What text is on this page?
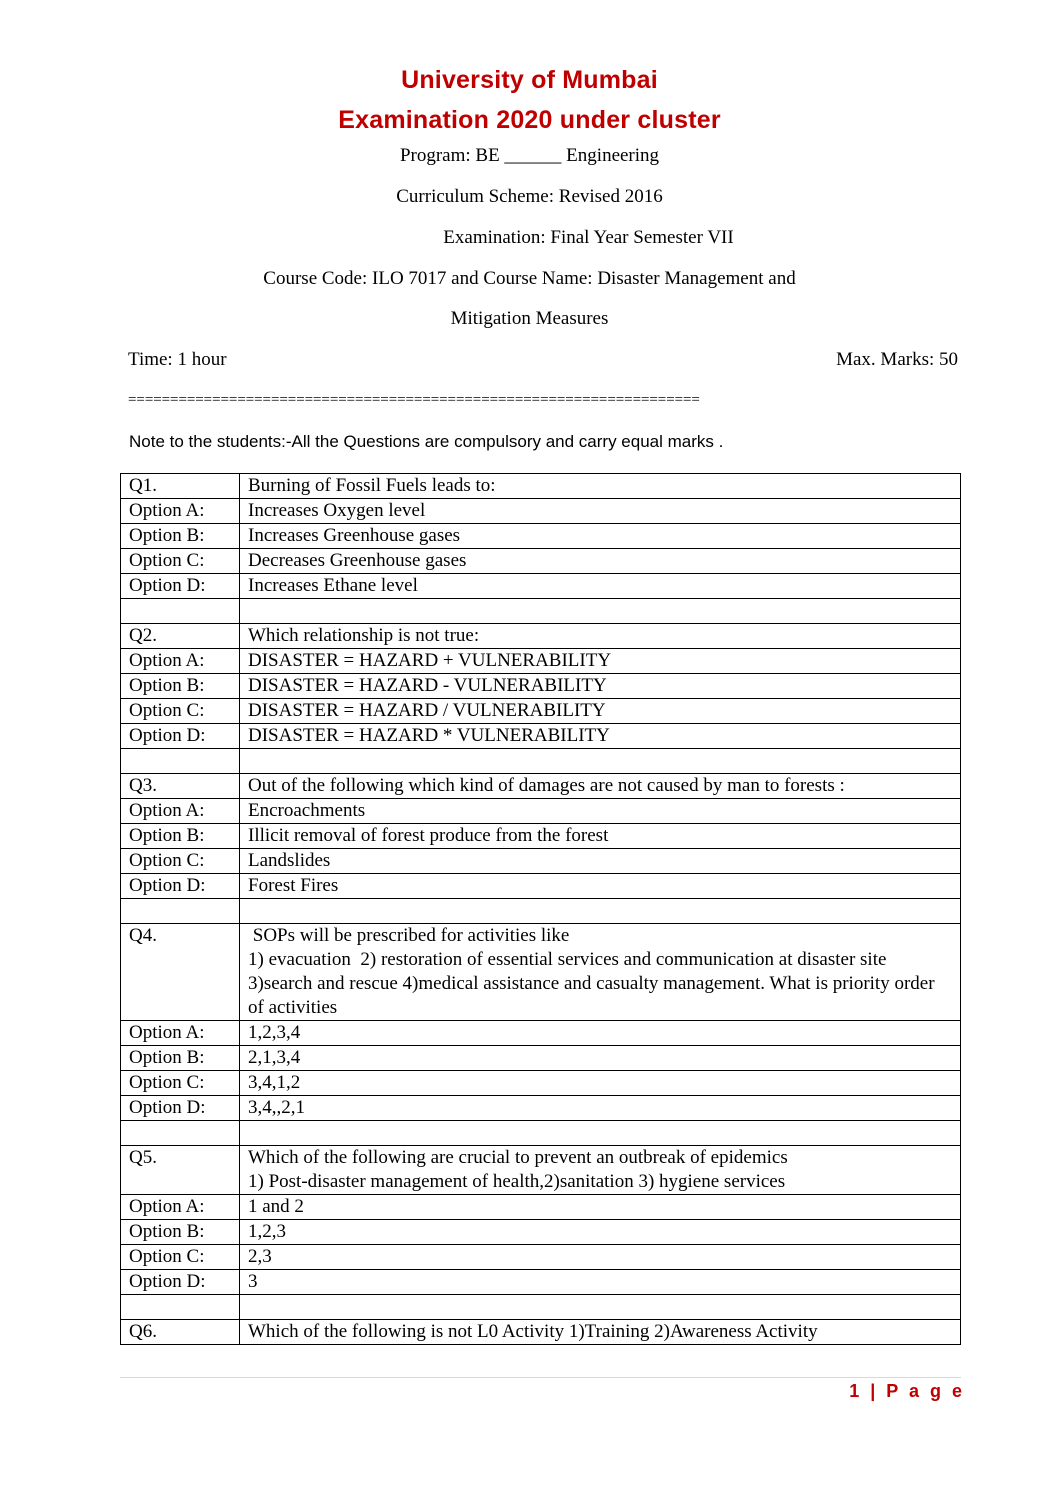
University of Mumbai
Examination 2020 under cluster
Program: BE ______ Engineering
Curriculum Scheme: Revised 2016
Examination: Final Year Semester VII
Course Code: ILO 7017 and Course Name: Disaster Management and
Mitigation Measures
Time: 1 hour	Max. Marks: 50
====================================================================
Note to the students:-All the Questions are compulsory and carry equal marks .
Q1.	Burning of Fossil Fuels leads to:
Option A:	Increases Oxygen level
Option B:	Increases Greenhouse gases
Option C:	Decreases Greenhouse gases
Option D:	Increases Ethane level

Q2.	Which relationship is not true:
Option A:	DISASTER = HAZARD + VULNERABILITY
Option B:	DISASTER = HAZARD - VULNERABILITY
Option C:	DISASTER = HAZARD / VULNERABILITY
Option D:	DISASTER = HAZARD * VULNERABILITY

Q3.	Out of the following which kind of damages are not caused by man to forests :
Option A:	Encroachments
Option B:	Illicit removal of forest produce from the forest
Option C:	Landslides
Option D:	Forest Fires

Q4.	SOPs will be prescribed for activities like
1) evacuation  2) restoration of essential services and communication at disaster site  3)search and rescue 4)medical assistance and casualty management. What is priority order of activities
Option A:	1,2,3,4
Option B:	2,1,3,4
Option C:	3,4,1,2
Option D:	3,4,,2,1

Q5.	Which of the following are crucial to prevent an outbreak of epidemics
1) Post-disaster management of health,2)sanitation 3) hygiene services
Option A:	1 and 2
Option B:	1,2,3
Option C:	2,3
Option D:	3

Q6.	Which of the following is not L0 Activity 1)Training 2)Awareness Activity
1 | P a g e
